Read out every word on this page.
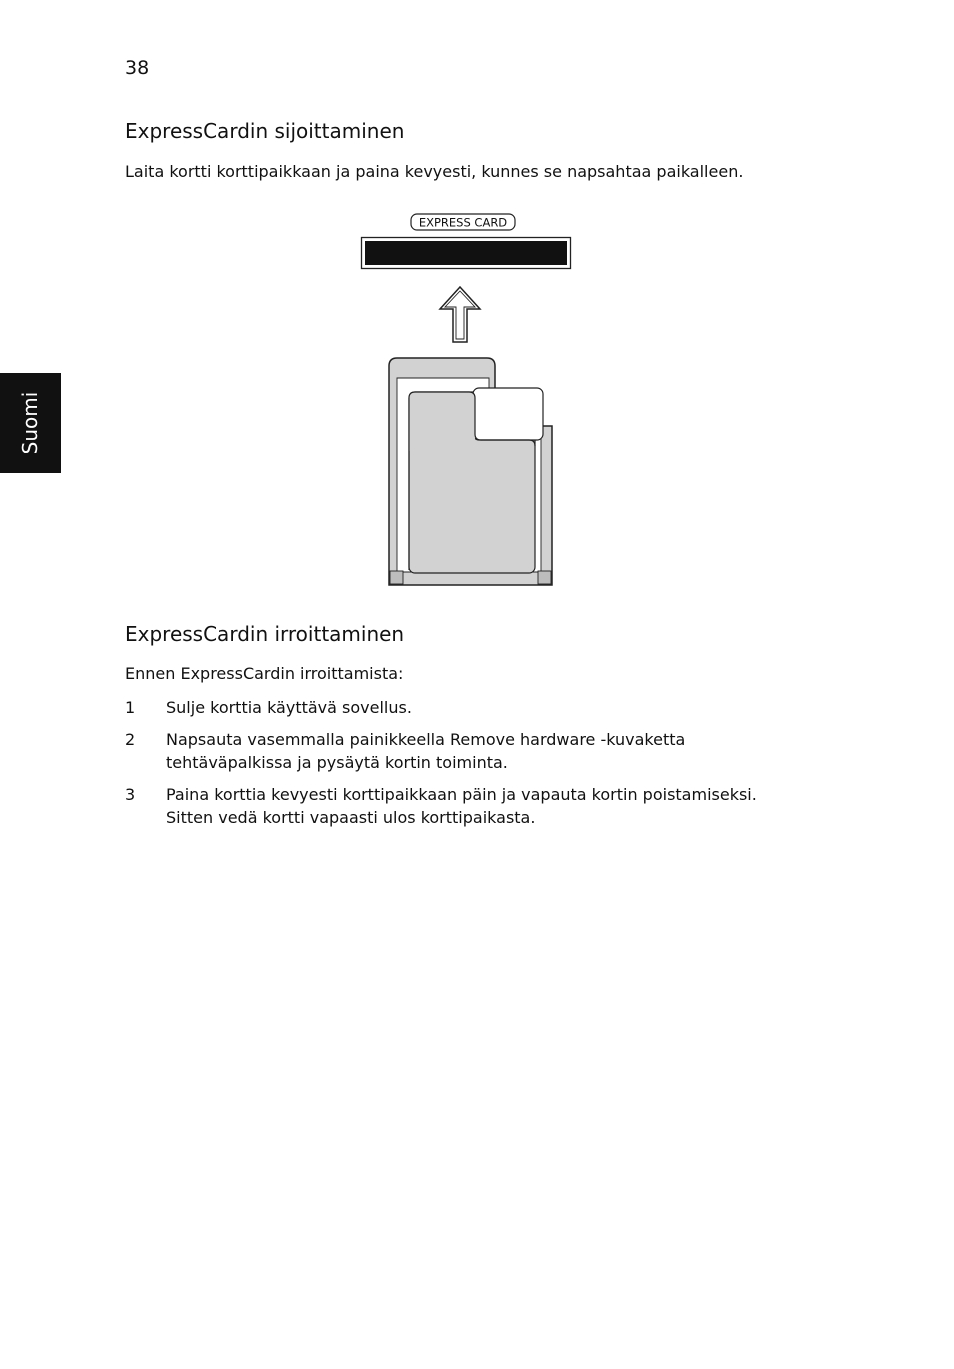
38
Suomi
ExpressCardin sijoittaminen

Laita kortti korttipaikkaan ja paina kevyesti, kunnes se napsahtaa paikalleen.

EXPRESS CARD
ExpressCardin irroittaminen

Ennen ExpressCardin irroittamista:

1	Sulje korttia käyttävä sovellus.
2	Napsauta vasemmalla painikkeella Remove hardware -kuvaketta
tehtäväpalkissa ja pysäytä kortin toiminta.
3	Paina korttia kevyesti korttipaikkaan päin ja vapauta kortin poistamiseksi.
Sitten vedä kortti vapaasti ulos korttipaikasta.
